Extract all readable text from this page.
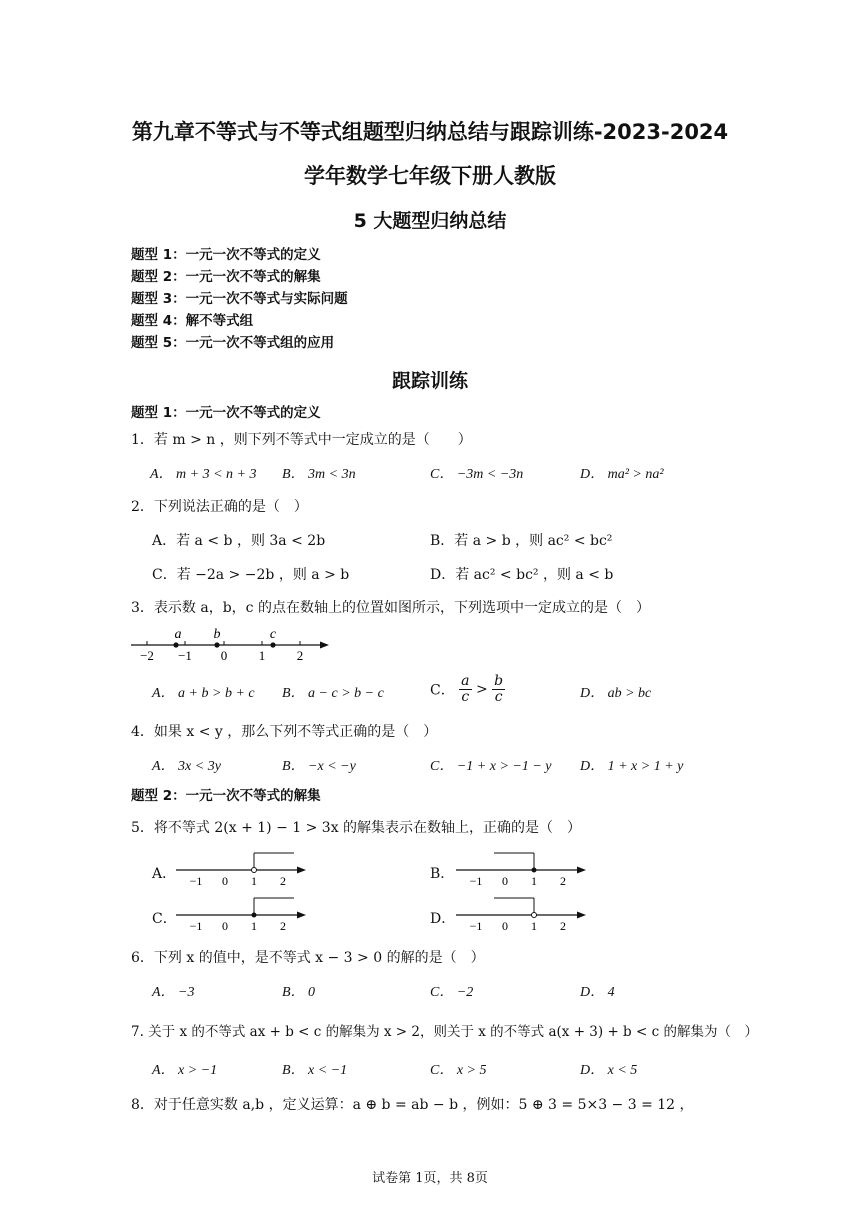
第九章不等式与不等式组题型归纳总结与跟踪训练-2023-2024
学年数学七年级下册人教版
5 大题型归纳总结
题型 1：一元一次不等式的定义
题型 2：一元一次不等式的解集
题型 3：一元一次不等式与实际问题
题型 4：解不等式组
题型 5：一元一次不等式组的应用
跟踪训练
题型 1：一元一次不等式的定义
1．若 m > n ，则下列不等式中一定成立的是（　　）
A． m + 3 < n + 3 B． 3m < 3n	C． −3m < −3n	D． ma² > na²
2．下列说法正确的是（　）
A．若 a < b ，则 3a < 2b	B．若 a > b ，则 ac² < bc²
C．若 −2a > −2b ，则 a > b	D．若 ac² < bc² ，则 a < b
3．表示数 a，b，c 的点在数轴上的位置如图所示，下列选项中一定成立的是（　）
a b	c
−2 −1 0 1 2
A． a + b > b + c B． a − c > b − c	C． $\frac{a}{c} > \frac{b}{c}$	D． ab > bc
4．如果 x < y ，那么下列不等式正确的是（　）
A． 3x < 3y	B． −x < −y	C． −1 + x > −1 − y D． 1 + x > 1 + y
题型 2：一元一次不等式的解集
5．将不等式 2(x + 1) − 1 > 3x 的解集表示在数轴上，正确的是（　）
A． −1 0 1 2	B． −1 0 1 2
C． −1 0 1 2	D． −1 0 1 2
6．下列 x 的值中，是不等式 x − 3 > 0 的解的是（　）
A． −3	B． 0	C． −2	D． 4
7. 关于 x 的不等式 ax + b < c 的解集为 x > 2，则关于 x 的不等式 a(x + 3) + b < c 的解集为（　）
A． x > −1	B． x < −1	C． x > 5	D． x < 5
8．对于任意实数 a,b ，定义运算：a ⊕ b = ab − b ，例如：5 ⊕ 3 = 5×3 − 3 = 12 ，
试卷第 1页，共 8页
